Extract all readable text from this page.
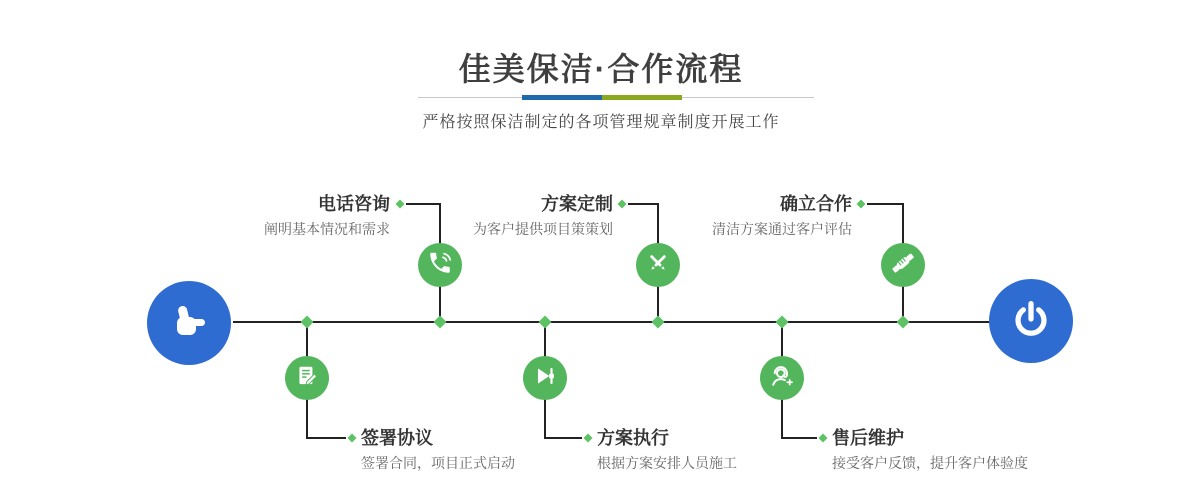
佳美保洁·合作流程
严格按照保洁制定的各项管理规章制度开展工作
电话咨询
阐明基本情况和需求
方案定制
为客户提供项目策策划
确立合作
清洁方案通过客户评估
签署协议
签署合同，项目正式启动
方案执行
根据方案安排人员施工
售后维护
接受客户反馈，提升客户体验度
